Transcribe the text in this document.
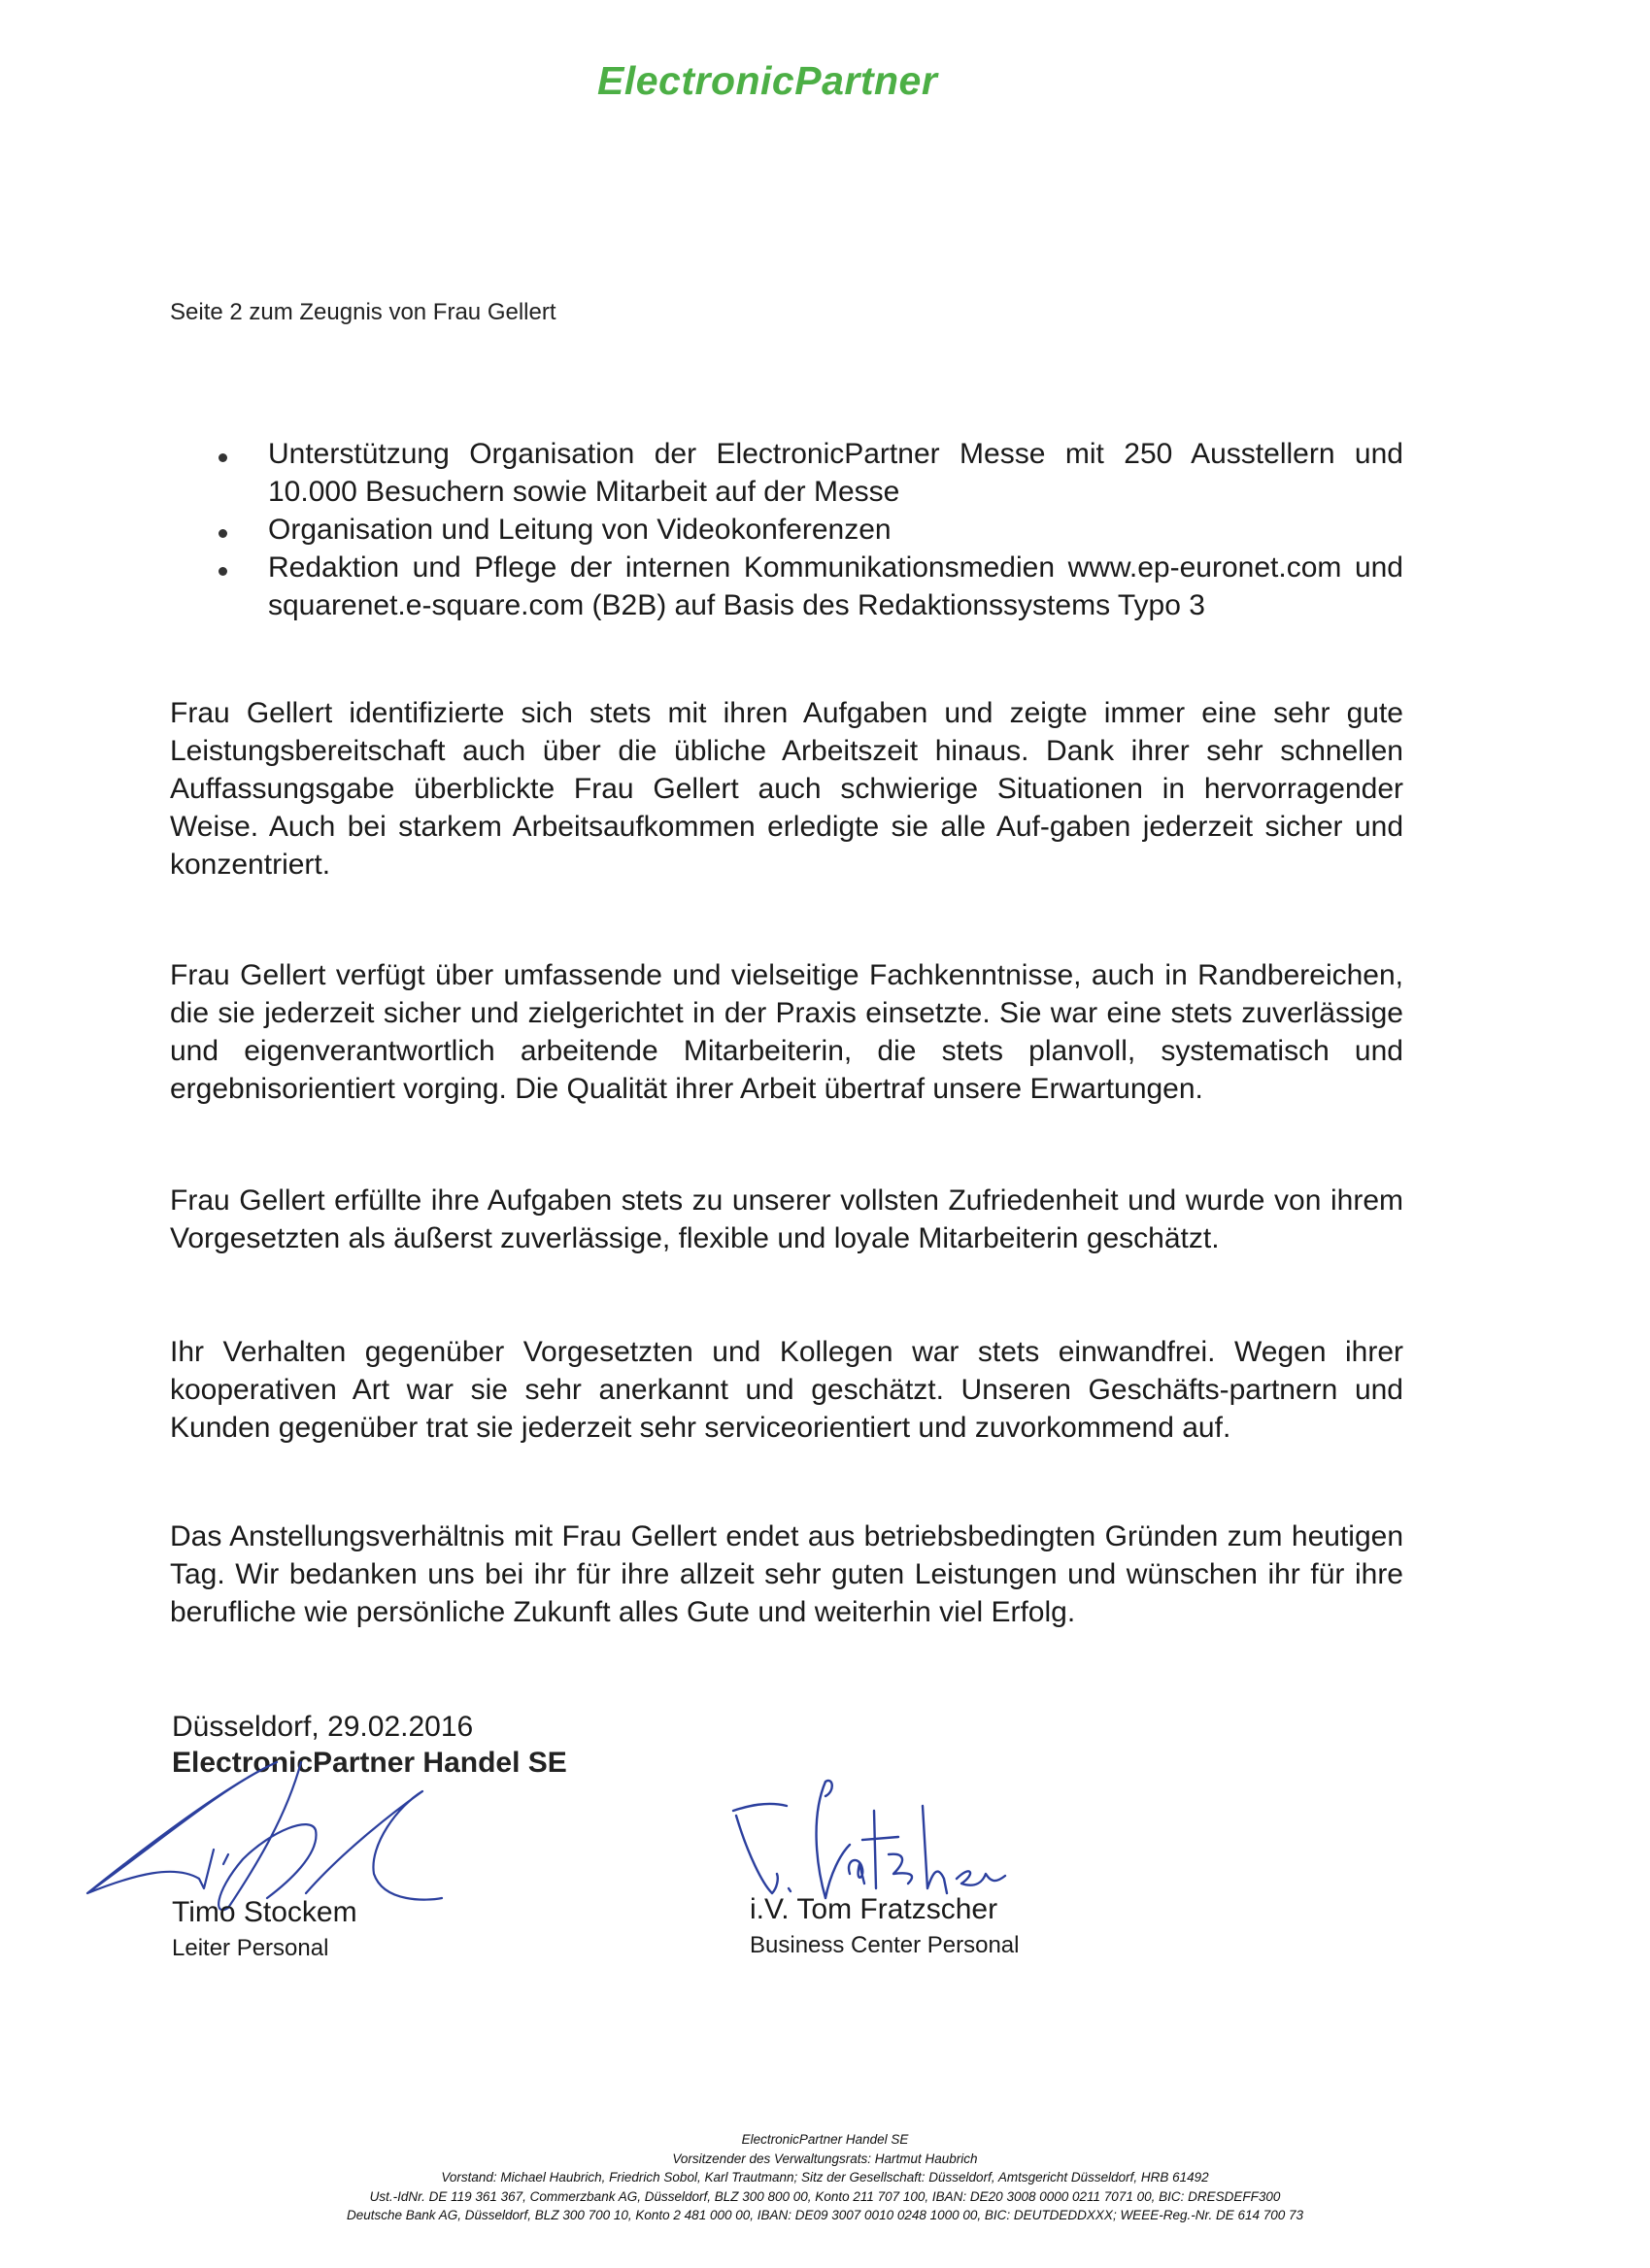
ElectronicPartner
Seite 2 zum Zeugnis von Frau Gellert
Unterstützung Organisation der ElectronicPartner Messe mit 250 Ausstellern und 10.000 Besuchern sowie Mitarbeit auf der Messe
Organisation und Leitung von Videokonferenzen
Redaktion und Pflege der internen Kommunikationsmedien www.ep-euronet.com und squarenet.e-square.com (B2B) auf Basis des Redaktionssystems Typo 3

Frau Gellert identifizierte sich stets mit ihren Aufgaben und zeigte immer eine sehr gute Leistungsbereitschaft auch über die übliche Arbeitszeit hinaus. Dank ihrer sehr schnellen Auffassungsgabe überblickte Frau Gellert auch schwierige Situationen in hervorragender Weise. Auch bei starkem Arbeitsaufkommen erledigte sie alle Auf-gaben jederzeit sicher und konzentriert.

Frau Gellert verfügt über umfassende und vielseitige Fachkenntnisse, auch in Randbereichen, die sie jederzeit sicher und zielgerichtet in der Praxis einsetzte. Sie war eine stets zuverlässige und eigenverantwortlich arbeitende Mitarbeiterin, die stets planvoll, systematisch und ergebnisorientiert vorging. Die Qualität ihrer Arbeit übertraf unsere Erwartungen.

Frau Gellert erfüllte ihre Aufgaben stets zu unserer vollsten Zufriedenheit und wurde von ihrem Vorgesetzten als äußerst zuverlässige, flexible und loyale Mitarbeiterin geschätzt.

Ihr Verhalten gegenüber Vorgesetzten und Kollegen war stets einwandfrei. Wegen ihrer kooperativen Art war sie sehr anerkannt und geschätzt. Unseren Geschäfts-partnern und Kunden gegenüber trat sie jederzeit sehr serviceorientiert und zuvorkommend auf.

Das Anstellungsverhältnis mit Frau Gellert endet aus betriebsbedingten Gründen zum heutigen Tag. Wir bedanken uns bei ihr für ihre allzeit sehr guten Leistungen und wünschen ihr für ihre berufliche wie persönliche Zukunft alles Gute und weiterhin viel Erfolg.

Düsseldorf, 29.02.2016
ElectronicPartner Handel SE
Timo Stockem
Leiter Personal
i.V. Tom Fratzscher
Business Center Personal
ElectronicPartner Handel SE
Vorsitzender des Verwaltungsrats: Hartmut Haubrich
Vorstand: Michael Haubrich, Friedrich Sobol, Karl Trautmann; Sitz der Gesellschaft: Düsseldorf, Amtsgericht Düsseldorf, HRB 61492
Ust.-IdNr. DE 119 361 367, Commerzbank AG, Düsseldorf, BLZ 300 800 00, Konto 211 707 100, IBAN: DE20 3008 0000 0211 7071 00, BIC: DRESDEFF300
Deutsche Bank AG, Düsseldorf, BLZ 300 700 10, Konto 2 481 000 00, IBAN: DE09 3007 0010 0248 1000 00, BIC: DEUTDEDDXXX; WEEE-Reg.-Nr. DE 614 700 73
